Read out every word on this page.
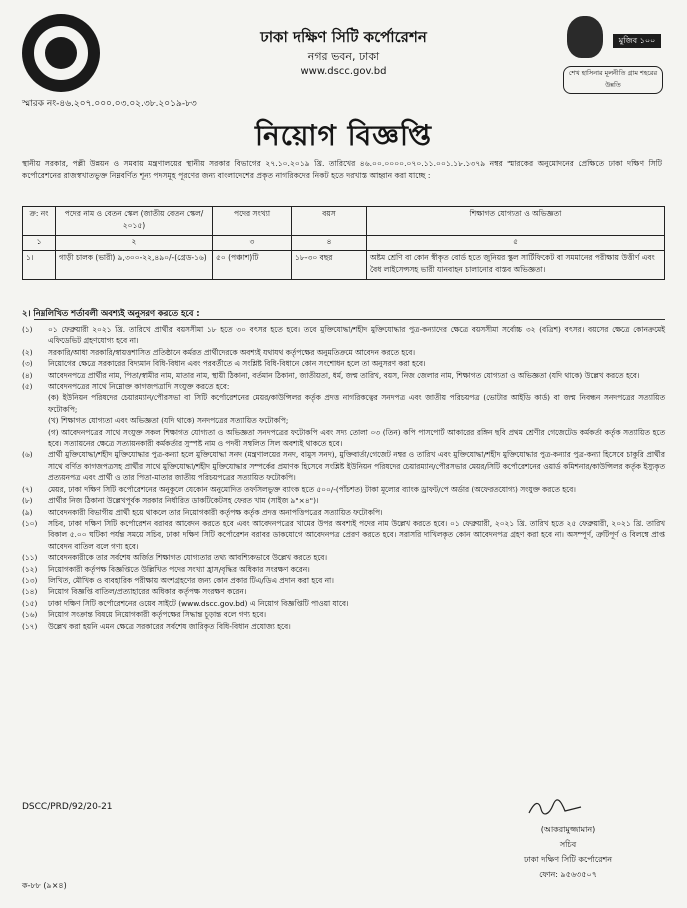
মুজিব ১০০
শেখ হাসিনার মূলনীতি গ্রাম শহরের উন্নতি
ঢাকা দক্ষিণ সিটি কর্পোরেশন
নগর ভবন, ঢাকা
www.dscc.gov.bd
স্মারক নং-৪৬.২০৭.০০০.০৩.০২.৩৮.২০১৯-৮৩
নিয়োগ বিজ্ঞপ্তি
স্থানীয় সরকার, পল্লী উন্নয়ন ও সমবায় মন্ত্রণালয়ের স্থানীয় সরকার বিভাগের ২৭.১০.২০১৯ খ্রি. তারিখের ৪৬.০০.০০০০.০৭০.১১.০০১.১৮.১৩৭৯ নম্বর স্মারকের অনুমোদনের প্রেক্ষিতে ঢাকা দক্ষিণ সিটি কর্পোরেশনের রাজস্বখাতভুক্ত নিম্নবর্ণিত শূন্য পদসমূহ পূরণের জন্য বাংলাদেশের প্রকৃত নাগরিকদের নিকট হতে দরখাস্ত আহ্বান করা যাচ্ছে :
ক্র: নং	পদের নাম ও বেতন স্কেল (জাতীয় বেতন স্কেল/২০১৫)	পদের সংখ্যা	বয়স	শিক্ষাগত যোগ্যতা ও অভিজ্ঞতা
১	২	৩	৪	৫
১।	গাড়ী চালক (ভারী) ৯,৩০০-২২,৪৯০/-(গ্রেড-১৬)	৫০ (পঞ্চাশ)টি	১৮-৩০ বছর	অষ্টম শ্রেণি বা কোন স্বীকৃত বোর্ড হতে জুনিয়র স্কুল সার্টিফিকেট বা সমমানের পরীক্ষায় উত্তীর্ণ এবং বৈধ লাইসেন্সসহ ভারী যানবাহন চালানোর বাস্তব অভিজ্ঞতা।
২। নিম্নলিখিত শর্তাবলী অবশ্যই অনুসরণ করতে হবে :
(১)	০১ ফেব্রুয়ারী ২০২১ খ্রি. তারিখে প্রার্থীর বয়সসীমা ১৮ হতে ৩০ বৎসর হতে হবে। তবে মুক্তিযোদ্ধা/শহীদ মুক্তিযোদ্ধার পুত্র-কন্যাদের ক্ষেত্রে বয়সসীমা সর্বোচ্চ ৩২ (বত্রিশ) বৎসর। বয়সের ক্ষেত্রে কোনক্রমেই এফিডেভিট গ্রহণযোগ্য হবে না।
(২)	সরকারি/আধা সরকারি/স্বায়ত্তশাসিত প্রতিষ্ঠানে কর্মরত প্রার্থীদেরকে অবশ্যই যথাযথ কর্তৃপক্ষের অনুমতিক্রমে আবেদন করতে হবে।
(৩)	নিয়োগের ক্ষেত্রে সরকারের বিদ্যমান বিধি-বিধান এবং পরবর্তীতে এ সংশ্লিষ্ট বিধি-বিধানে কোন সংশোধন হলে তা অনুসরণ করা হবে।
(৪)	আবেদনপত্রে প্রার্থীর নাম, পিতা/স্বামীর নাম, মাতার নাম, স্থায়ী ঠিকানা, বর্তমান ঠিকানা, জাতীয়তা, ধর্ম, জন্ম তারিখ, বয়স, নিজ জেলার নাম, শিক্ষাগত যোগ্যতা ও অভিজ্ঞতা (যদি থাকে) উল্লেখ করতে হবে।
(৫)	আবেদনপত্রের সাথে নিম্নোক্ত কাগজপত্রাদি সংযুক্ত করতে হবে:
(ক) ইউনিয়ন পরিষদের চেয়ারম্যান/পৌরসভা বা সিটি কর্পোরেশনের মেয়র/কাউন্সিলর কর্তৃক প্রদত্ত নাগরিকত্বের সনদপত্র এবং জাতীয় পরিচয়পত্র (ভোটার আইডি কার্ড) বা জন্ম নিবন্ধন সনদপত্রের সত্যায়িত ফটোকপি;
(খ) শিক্ষাগত যোগ্যতা এবং অভিজ্ঞতা (যদি থাকে) সনদপত্রের সত্যায়িত ফটোকপি;
(গ) আবেদনপত্রের সাথে সংযুক্ত সকল শিক্ষাগত যোগ্যতা ও অভিজ্ঞতা সনদপত্রের ফটোকপি এবং সদ্য তোলা ০৩ (তিন) কপি পাসপোর্ট আকারের রঙ্গিন ছবি প্রথম শ্রেণীর গেজেটেড কর্মকর্তা কর্তৃক সত্যায়িত হতে হবে। সত্যায়নের ক্ষেত্রে সত্যায়নকারী কর্মকর্তার সুস্পষ্ট নাম ও পদবী সম্বলিত সিল অবশ্যই থাকতে হবে।
(৬)	প্রার্থী মুক্তিযোদ্ধা/শহীদ মুক্তিযোদ্ধার পুত্র-কন্যা হলে মুক্তিযোদ্ধা সনদ (মন্ত্রণালয়ের সনদ, বামুস সনদ), মুক্তিবার্তা/গেজেট নম্বর ও তারিখ এবং মুক্তিযোদ্ধা/শহীদ মুক্তিযোদ্ধার পুত্র-কন্যার পুত্র-কন্যা হিসেবে চাকুরি প্রার্থীর সাথে বর্ণিত কাগজপত্রসহ প্রার্থীর সাথে মুক্তিযোদ্ধা/শহীদ মুক্তিযোদ্ধার সম্পর্কের প্রমাণক হিসেবে সংশ্লিষ্ট ইউনিয়ন পরিষদের চেয়ারম্যান/পৌরসভার মেয়র/সিটি কর্পোরেশনের ওয়ার্ড কমিশনার/কাউন্সিলর কর্তৃক ইস্যুকৃত প্রত্যয়নপত্র এবং প্রার্থী ও তার পিতা-মাতার জাতীয় পরিচয়পত্রের সত্যায়িত ফটোকপি।
(৭)	মেয়র, ঢাকা দক্ষিণ সিটি কর্পোরেশনের অনুকূলে যেকোন অনুমোদিত তফসিলভুক্ত ব্যাংক হতে ৫০০/-(পাঁচশত) টাকা মূল্যের ব্যাংক ড্রাফট/পে অর্ডার (অফেরতযোগ্য) সংযুক্ত করতে হবে।
(৮)	প্রার্থীর নিজ ঠিকানা উল্লেখপূর্বক সরকার নির্ধারিত ডাকটিকেটসহ ফেরত খাম (সাইজ ৯"×৪")।
(৯)	আবেদনকারী বিভাগীয় প্রার্থী হয়ে থাকলে তার নিয়োগকারী কর্তৃপক্ষ কর্তৃক প্রদত্ত অনাপত্তিপত্রের সত্যায়িত ফটোকপি।
(১০)	সচিব, ঢাকা দক্ষিণ সিটি কর্পোরেশন বরাবর আবেদন করতে হবে এবং আবেদনপত্রের খামের উপর অবশ্যই পদের নাম উল্লেখ করতে হবে। ০১ ফেব্রুয়ারী, ২০২১ খ্রি. তারিখ হতে ২৫ ফেব্রুয়ারী, ২০২১ খ্রি. তারিখ বিকাল ৫.০০ ঘটিকা পর্যন্ত সময়ে সচিব, ঢাকা দক্ষিণ সিটি কর্পোরেশন বরাবর ডাকযোগে আবেদনপত্র প্রেরণ করতে হবে। সরাসরি দাখিলকৃত কোন আবেদনপত্র গ্রহণ করা হবে না। অসম্পূর্ণ, ত্রুটিপূর্ণ ও বিলম্বে প্রাপ্ত আবেদন বাতিল বলে গণ্য হবে।
(১১)	আবেদনকারীকে তার সর্বশেষ অর্জিত শিক্ষাগত যোগ্যতার তথ্য আবশ্যিকভাবে উল্লেখ করতে হবে।
(১২)	নিয়োগকারী কর্তৃপক্ষ বিজ্ঞপ্তিতে উল্লিখিত পদের সংখ্যা হ্রাস/বৃদ্ধির অধিকার সংরক্ষণ করেন।
(১৩)	লিখিত, মৌখিক ও ব্যবহারিক পরীক্ষায় অংশগ্রহণের জন্য কোন প্রকার টিএ/ডিএ প্রদান করা হবে না।
(১৪)	নিয়োগ বিজ্ঞপ্তি বাতিল/প্রত্যাহারের অধিকার কর্তৃপক্ষ সংরক্ষণ করেন।
(১৫)	ঢাকা দক্ষিণ সিটি কর্পোরেশনের ওয়েব সাইটে (www.dscc.gov.bd) এ নিয়োগ বিজ্ঞপ্তিটি পাওয়া যাবে।
(১৬)	নিয়োগ সংক্রান্ত বিষয়ে নিয়োগকারী কর্তৃপক্ষের সিদ্ধান্ত চূড়ান্ত বলে গণ্য হবে।
(১৭)	উল্লেখ করা হয়নি এমন ক্ষেত্রে সরকারের সর্বশেষ জারিকৃত বিধি-বিধান প্রযোজ্য হবে।
DSCC/PRD/92/20-21
(আকরামুজ্জামান)
সচিব
ঢাকা দক্ষিণ সিটি কর্পোরেশন
ফোন: ৯৫৬৩৫০৭
ক-৮৮ (৯×৪)
